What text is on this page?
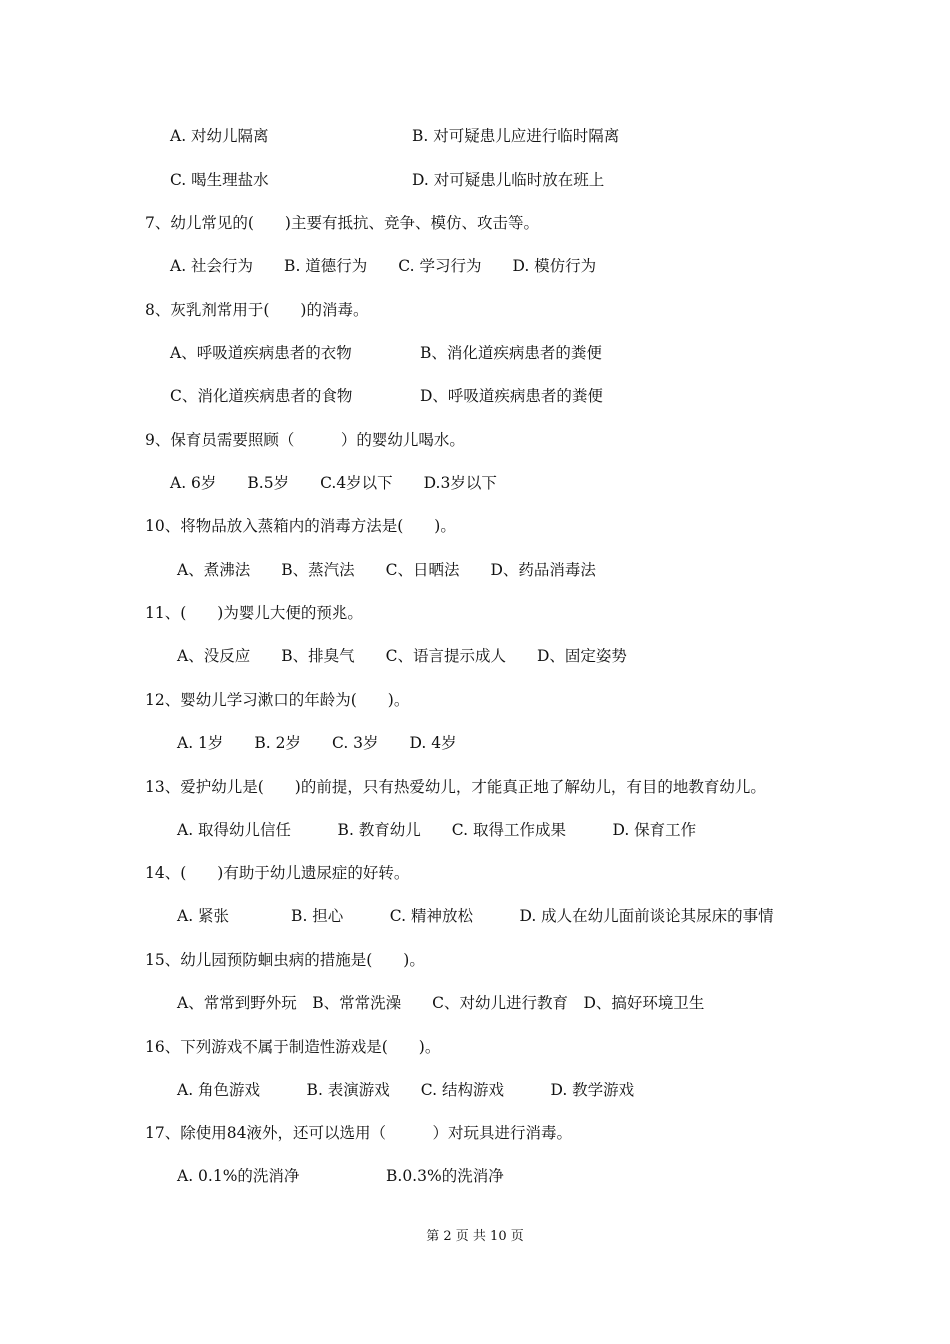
A. 对幼儿隔离	B. 对可疑患儿应进行临时隔离
C. 喝生理盐水	D. 对可疑患儿临时放在班上
7、幼儿常见的(　　)主要有抵抗、竞争、模仿、攻击等。
A. 社会行为　　B. 道德行为　　C. 学习行为　　D. 模仿行为
8、灰乳剂常用于(　　)的消毒。
A、呼吸道疾病患者的衣物	B、消化道疾病患者的粪便
C、消化道疾病患者的食物	D、呼吸道疾病患者的粪便
9、保育员需要照顾（　　　）的婴幼儿喝水。
A. 6岁　　B.5岁　　C.4岁以下　　D.3岁以下
10、将物品放入蒸箱内的消毒方法是(　　)。
A、煮沸法　　B、蒸汽法　　C、日晒法　　D、药品消毒法
11、(　　)为婴儿大便的预兆。
A、没反应　　B、排臭气　　C、语言提示成人　　D、固定姿势
12、婴幼儿学习漱口的年龄为(　　)。
A. 1岁　　B. 2岁　　C. 3岁　　D. 4岁
13、爱护幼儿是(　　)的前提，只有热爱幼儿，才能真正地了解幼儿，有目的地教育幼儿。
A. 取得幼儿信任　　　B. 教育幼儿　　C. 取得工作成果　　　D. 保育工作
14、(　　)有助于幼儿遗尿症的好转。
A. 紧张　　　　B. 担心　　　C. 精神放松　　　D. 成人在幼儿面前谈论其尿床的事情
15、幼儿园预防蛔虫病的措施是(　　)。
A、常常到野外玩　B、常常洗澡　　C、对幼儿进行教育　D、搞好环境卫生
16、下列游戏不属于制造性游戏是(　　)。
A. 角色游戏　　　B. 表演游戏　　C. 结构游戏　　　D. 教学游戏
17、除使用84液外，还可以选用（　　　）对玩具进行消毒。
A. 0.1%的洗消净	B.0.3%的洗消净
第 2 页 共 10 页
